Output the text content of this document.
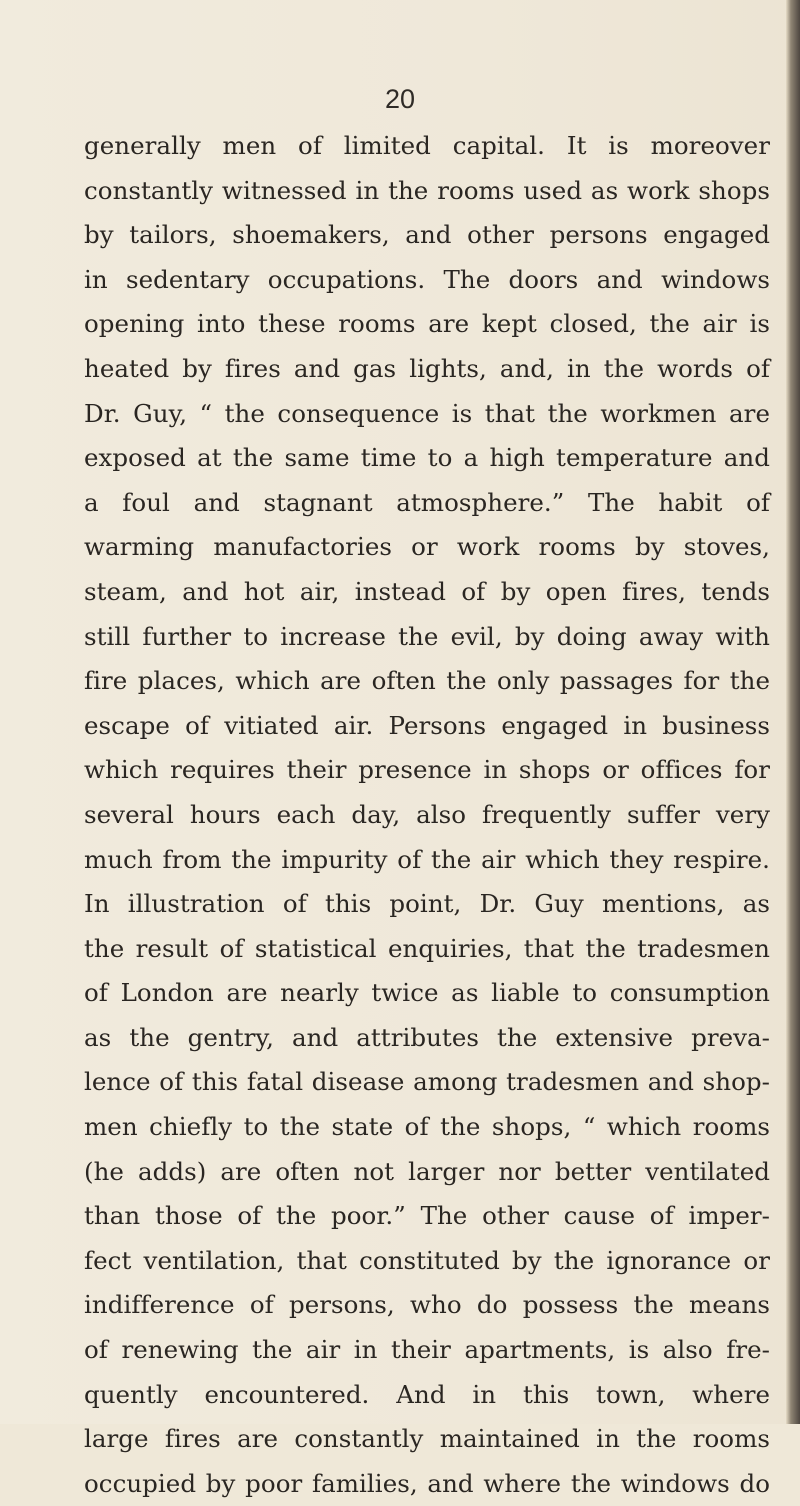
20
generally men of limited capital. It is moreover
constantly witnessed in the rooms used as work shops
by tailors, shoemakers, and other persons engaged
in sedentary occupations. The doors and windows
opening into these rooms are kept closed, the air is
heated by fires and gas lights, and, in the words of
Dr. Guy, “ the consequence is that the workmen are
exposed at the same time to a high temperature and
a foul and stagnant atmosphere.” The habit of
warming manufactories or work rooms by stoves,
steam, and hot air, instead of by open fires, tends
still further to increase the evil, by doing away with
fire places, which are often the only passages for the
escape of vitiated air. Persons engaged in business
which requires their presence in shops or offices for
several hours each day, also frequently suffer very
much from the impurity of the air which they respire.
In illustration of this point, Dr. Guy mentions, as
the result of statistical enquiries, that the tradesmen
of London are nearly twice as liable to consumption
as the gentry, and attributes the extensive preva-
lence of this fatal disease among tradesmen and shop-
men chiefly to the state of the shops, “ which rooms
(he adds) are often not larger nor better ventilated
than those of the poor.” The other cause of imper-
fect ventilation, that constituted by the ignorance or
indifference of persons, who do possess the means
of renewing the air in their apartments, is also fre-
quently encountered. And in this town, where
large fires are constantly maintained in the rooms
occupied by poor families, and where the windows do
